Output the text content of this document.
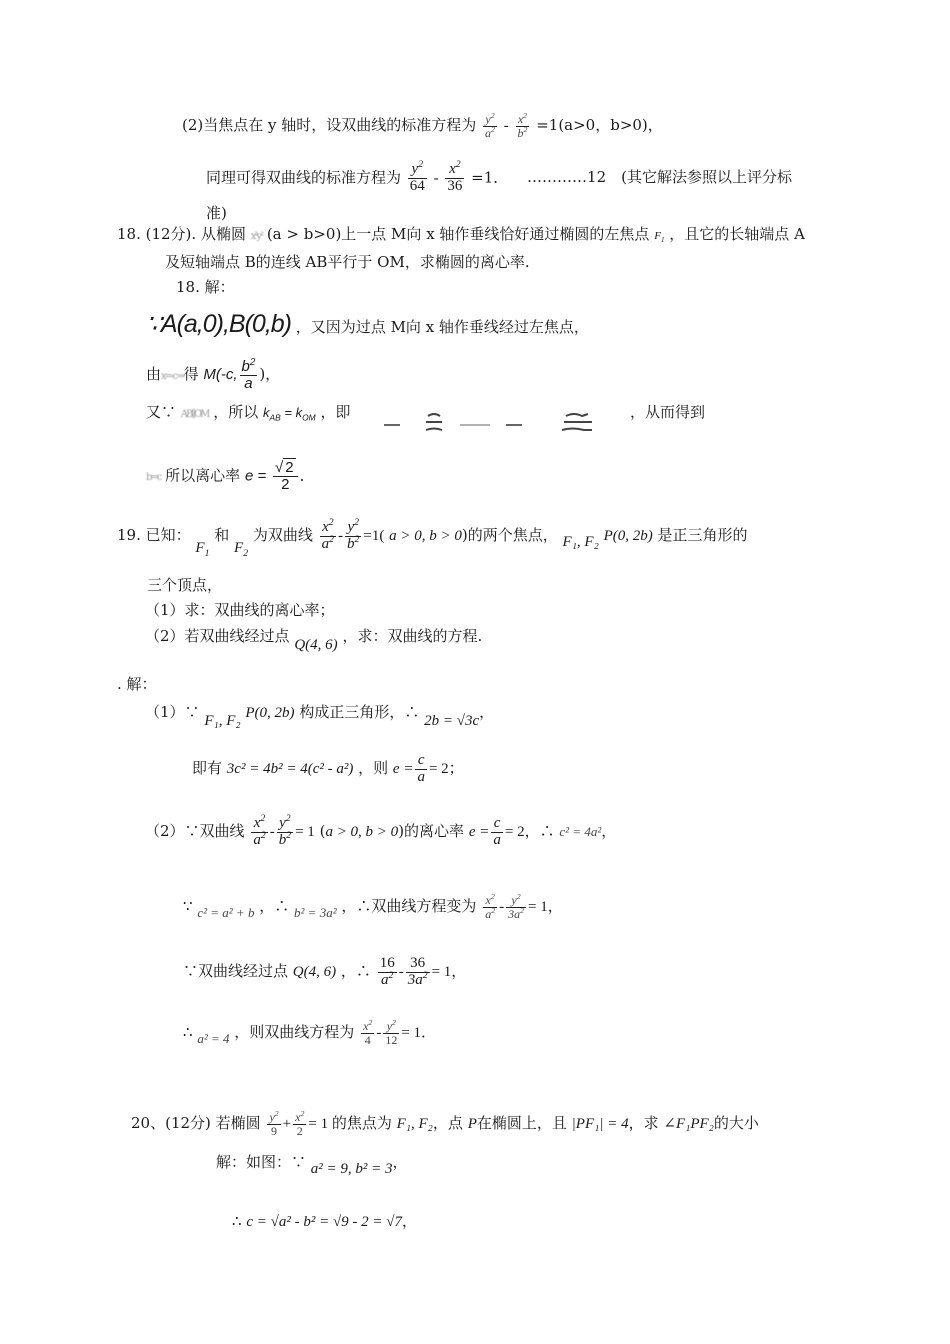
(2)当焦点在 y 轴时，设双曲线的标准方程为 $\frac{y^2}{a^2} - \frac{x^2}{b^2} =1(a>0$，b>0)，
同理可得双曲线的标准方程为 $\frac{y^2}{64} - \frac{x^2}{36} =1$． …………12　(其它解法参照以上评分标
准)
18. (12分). 从椭圆 x²y² (a > b>0)上一点 M向 x 轴作垂线恰好通过椭圆的左焦点 $F_1$ ，且它的长轴端点 A
及短轴端点 B的连线 AB平行于 OM，求椭圆的离心率.
18. 解：
∵A(a,0),B(0,b) ，又因为过点 M向 x 轴作垂线经过左焦点，
由x=-c ⇒得 M(-c, $\frac{b^2}{a}$ )，
又∵ AB∥OM ，所以 $k_{AB} = k_{OM}$ ，即	，从而得到
b=c 所以离心率 $e = \frac{√ 2}{2}$ ．
19. 已知： $F_1$ 和 $F_2$ 为双曲线 $\frac{x^2}{a^2} - \frac{y^2}{b^2} =1$( a > 0, b > 0)的两个焦点， F₁, F₂ P(0, 2b) 是正三角形的
三个顶点，
（1）求：双曲线的离心率；
（2）若双曲线经过点 Q(4, 6) ，求：双曲线的方程.
. 解：
（1）∵ F₁, F₂ P(0, 2b) 构成正三角形，∴ 2b = √3c，
即有 3c² = 4b² = 4(c² - a²) ，则 $e = \frac{c}{a} = 2$；
（2）∵双曲线 $\frac{x^2}{a^2} - \frac{y^2}{b^2} = 1$ (a > 0, b > 0)的离心率 $e = \frac{c}{a} = 2$，∴ c² = 4a²，
∵ c² = a² + b ，∴ b² = 3a² ，∴双曲线方程变为 $\frac{x^2}{a^2} - \frac{y^2}{3a^2} = 1$，
∵双曲线经过点 Q(4, 6) ，∴ $\frac{16}{a^2} - \frac{36}{3a^2} = 1$，
∴ a² = 4 ，则双曲线方程为 $\frac{x^2}{4} - \frac{y^2}{12} = 1$．
20、(12分) 若椭圆 $\frac{y^2}{9} + \frac{x^2}{2} = 1$ 的焦点为 F₁, F₂，点 P在椭圆上，且 |PF₁| = 4，求 ∠F₁PF₂的大小
解：如图：∵ a² = 9, b² = 3，
∴ c = √a² - b² = √9 - 2 = √7，
